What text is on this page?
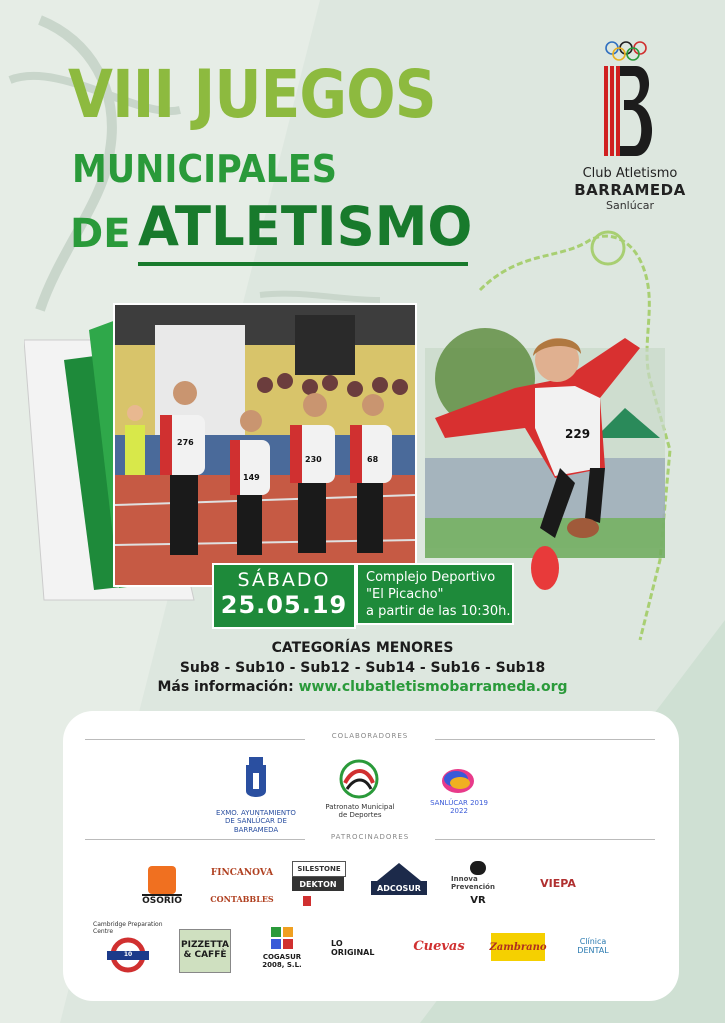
VIII JUEGOS
MUNICIPALES
DE ATLETISMO
Club Atletismo
BARRAMEDA
Sanlúcar
276
149
230	68
229
SÁBADO
25.05.19
Complejo Deportivo
"El Picacho"
a partir de las 10:30h.
CATEGORÍAS MENORES
Sub8 - Sub10 - Sub12 - Sub14 - Sub16 - Sub18
Más información: www.clubatletismobarrameda.org
COLABORADORES
EXMO. AYUNTAMIENTO DE SANLÚCAR DE BARRAMEDA
Patronato Municipal de Deportes
SANLÚCAR 2019 2022
PATROCINADORES
OSORIO
FINCANOVA
CONTABBLES
SILESTONE
DEKTON	ADCOSUR
Innova Prevención
VR
VIEPA
Cambridge Preparation Centre
10
PIZZETTA & CAFFÈ	COGASUR 2008, S.L.
LO ORIGINAL	Cuevas Zambrano	Clínica DENTAL
